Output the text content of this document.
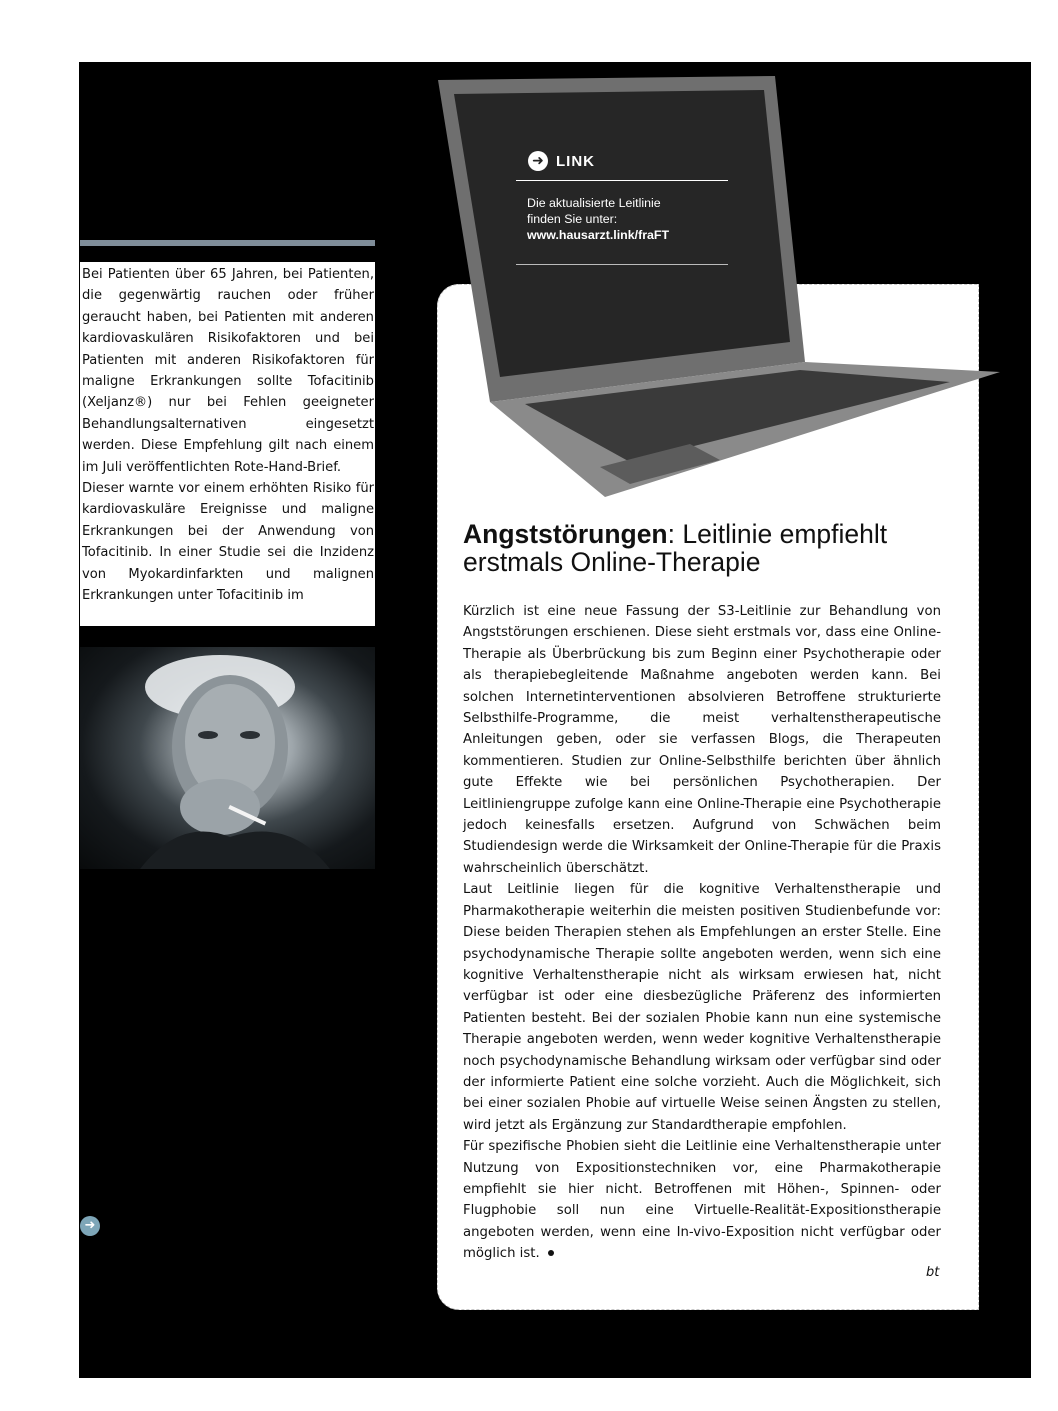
Bei Patienten über 65 Jahren, bei Patienten, die gegenwärtig rauchen oder früher geraucht haben, bei Patienten mit anderen kardiovaskulären Risikofaktoren und bei Patienten mit anderen Risikofaktoren für maligne Erkrankungen sollte Tofacitinib (Xeljanz®) nur bei Fehlen geeigneter Behandlungsalternativen eingesetzt werden. Diese Empfehlung gilt nach einem im Juli veröffentlichten Rote-Hand-Brief.

Dieser warnte vor einem erhöhten Risiko für kardiovaskuläre Ereignisse und maligne Erkrankungen bei der Anwendung von Tofacitinib. In einer Studie sei die Inzidenz von Myokardinfarkten und malignen Erkrankungen unter Tofacitinib im

➜
➜ LINK
Die aktualisierte Leitlinie
finden Sie unter:
www.hausarzt.link/fraFT
Angststörungen: Leitlinie empfiehlt erstmals Online-Therapie

Kürzlich ist eine neue Fassung der S3-Leitlinie zur Behandlung von Angststörungen erschienen. Diese sieht erstmals vor, dass eine Online-Therapie als Überbrückung bis zum Beginn einer Psychotherapie oder als therapiebegleitende Maßnahme angeboten werden kann. Bei solchen Internetinterventionen absolvieren Betroffene strukturierte Selbsthilfe-Programme, die meist verhaltenstherapeutische Anleitungen geben, oder sie verfassen Blogs, die Therapeuten kommentieren. Studien zur Online-Selbsthilfe berichten über ähnlich gute Effekte wie bei persönlichen Psychotherapien. Der Leitliniengruppe zufolge kann eine Online-Therapie eine Psychotherapie jedoch keinesfalls ersetzen. Aufgrund von Schwächen beim Studiendesign werde die Wirksamkeit der Online-Therapie für die Praxis wahrscheinlich überschätzt.

Laut Leitlinie liegen für die kognitive Verhaltenstherapie und Pharmakotherapie weiterhin die meisten positiven Studienbefunde vor: Diese beiden Therapien stehen als Empfehlungen an erster Stelle. Eine psychodynamische Therapie sollte angeboten werden, wenn sich eine kognitive Verhaltenstherapie nicht als wirksam erwiesen hat, nicht verfügbar ist oder eine diesbezügliche Präferenz des informierten Patienten besteht. Bei der sozialen Phobie kann nun eine systemische Therapie angeboten werden, wenn weder kognitive Verhaltenstherapie noch psychodynamische Behandlung wirksam oder verfügbar sind oder der informierte Patient eine solche vorzieht. Auch die Möglichkeit, sich bei einer sozialen Phobie auf virtuelle Weise seinen Ängsten zu stellen, wird jetzt als Ergänzung zur Standardtherapie empfohlen.

Für spezifische Phobien sieht die Leitlinie eine Verhaltenstherapie unter Nutzung von Expositionstechniken vor, eine Pharmakotherapie empfiehlt sie hier nicht. Betroffenen mit Höhen-, Spinnen- oder Flugphobie soll nun eine Virtuelle-Realität-Expositionstherapie angeboten werden, wenn eine In-vivo-Exposition nicht verfügbar oder möglich ist.

bt
